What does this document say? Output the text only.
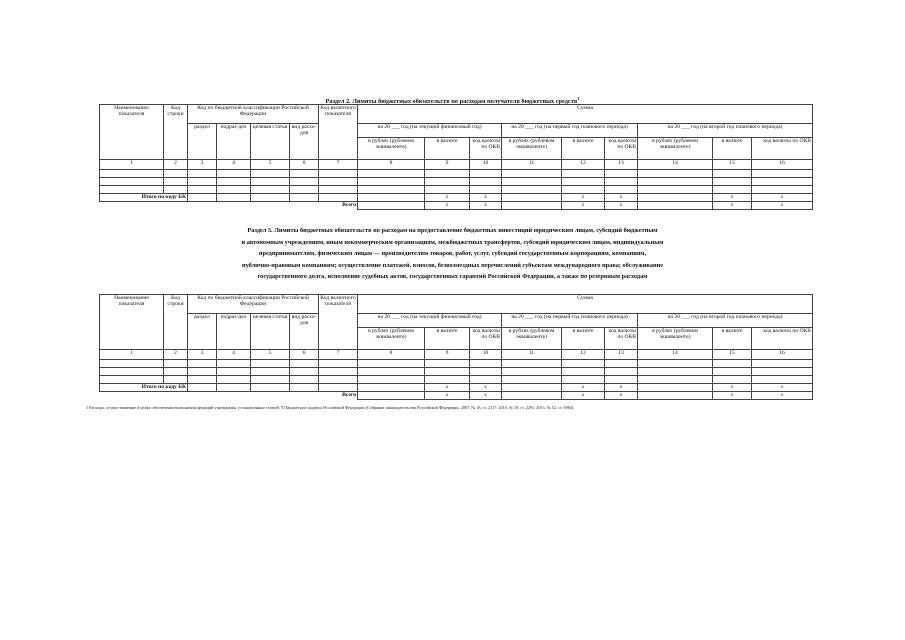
Раздел 2. Лимиты бюджетных обязательств по расходам получателя бюджетных средств$^1$
Наименование показателя	Код строки	Код по бюджетной классификации Российской Федерации				Код валютного показателя	Сумма								
		раздел	подраз-дел	целевая статья	вид расхо-дов		на 20 ___ год (на текущий финансовый год)			на 20 ___ год (на первый год планового периода)			на 20 ___ год (на второй год планового периода)		
							в рублях (рублевом эквиваленте)	в валюте	код валюты по ОКВ	в рублях (рублевом эквиваленте)	в валюте	код валюты по ОКВ	в рублях (рублевом эквиваленте)	в валюте	код валюты по ОКВ
1	2	3	4	5	6	7	8	9	10	11	12	13	14	15	16

Итого по коду БК								x	x		x	x		x	x
Всего								x	x		x	x		x	x
Раздел 3. Лимиты бюджетных обязательств по расходам на предоставление бюджетных инвестиций юридическим лицам, субсидий бюджетным
и автономным учреждениям, иным некоммерческим организациям, межбюджетных трансфертов, субсидий юридическим лицам, индивидуальным
предпринимателям, физическим лицам — производителям товаров, работ, услуг, субсидий государственным корпорациям, компаниям,
публично-правовым компаниям; осуществление платежей, взносов, безвозмездных перечислений субъектам международного права; обслуживание
государственного долга, исполнение судебных актов, государственных гарантий Российской Федерации, а также по резервным расходам
Наименование показателя	Код строки	Код по бюджетной классификации Российской Федерации				Код валютного показателя	Сумма								
		раздел	подраз-дел	целевая статья	вид расхо-дов		на 20 ___ год (на текущий финансовый год)			на 20 ___ год (на первый год планового периода)			на 20 ___ год (на второй год планового периода)		
							в рублях (рублевом эквиваленте)	в валюте	код валюты по ОКВ	в рублях (рублевом эквиваленте)	в валюте	код валюты по ОКВ	в рублях (рублевом эквиваленте)	в валюте	код валюты по ОКВ
1	2	3	4	5	6	7	8	9	10	11	12	13	14	15	16

Итого по коду БК								x	x		x	x		x	x
Всего								x	x		x	x		x	x
1 Расходы, осуществляемые в целях обеспечения выполнения функций учреждения, установленные статьей 70 Бюджетного кодекса Российской Федерации (Собрание законодательства Российской Федерации, 2007, № 18, ст. 2117; 2010, № 19, ст. 2291; 2013, № 52, ст. 6983).
